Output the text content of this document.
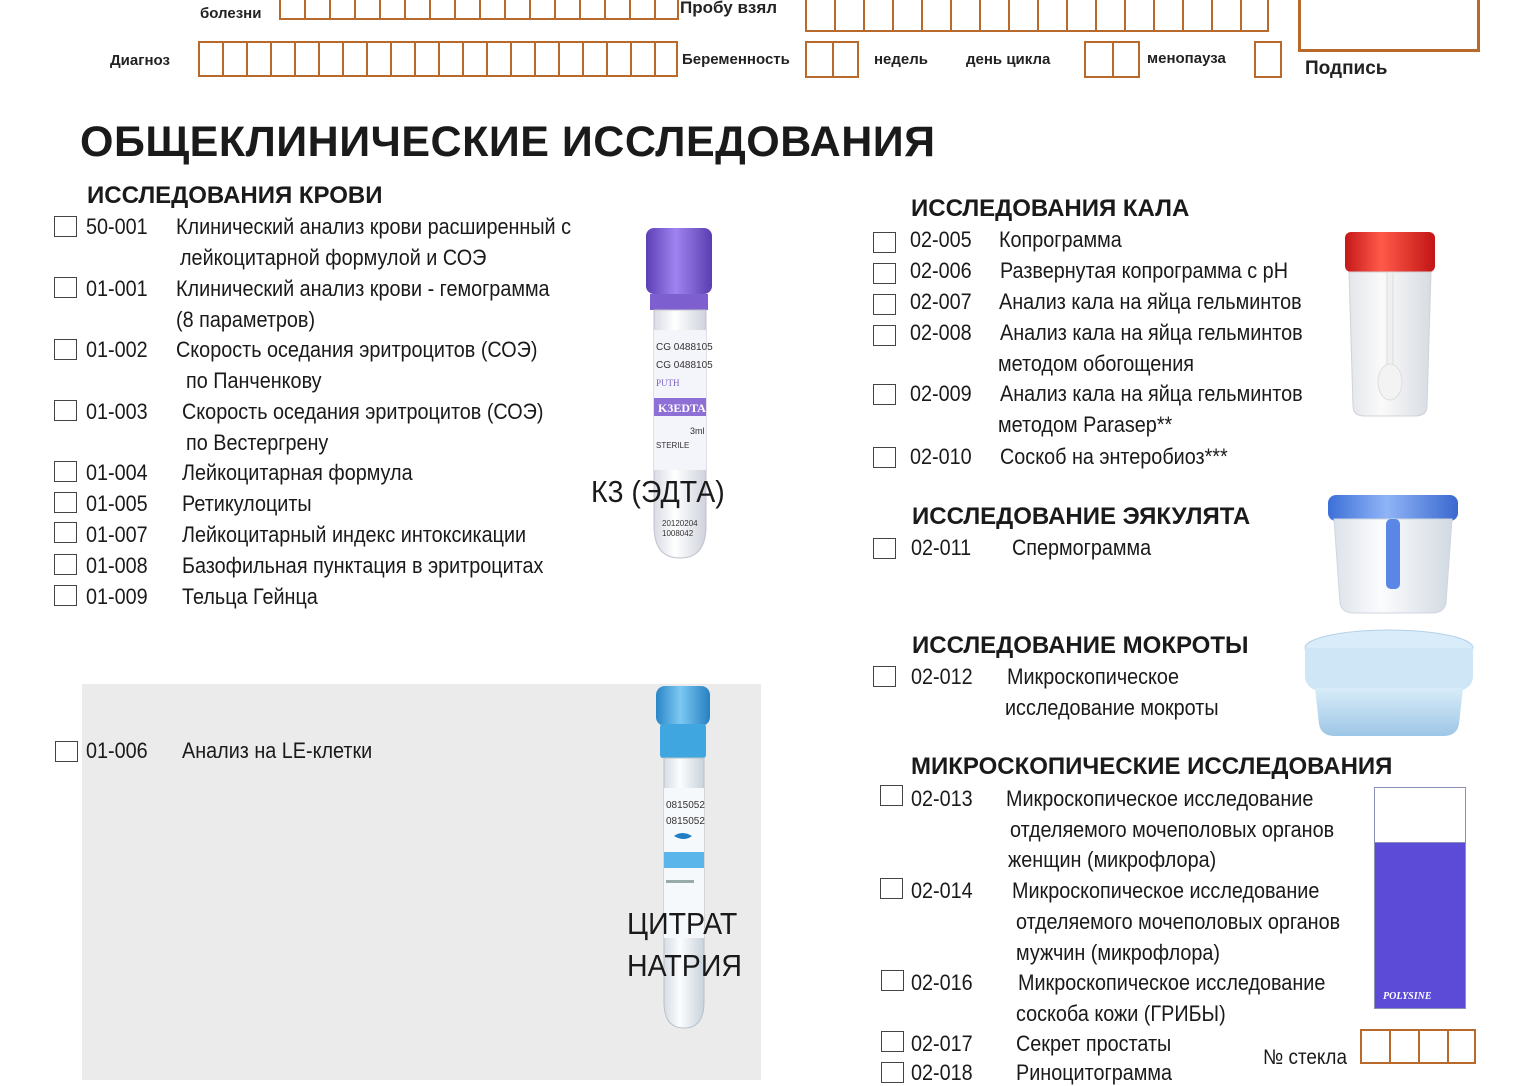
болезни
Диагноз
Пробу взял
Беременность	недель	день цикла	менопауза	Подпись
ОБЩЕКЛИНИЧЕСКИЕ ИССЛЕДОВАНИЯ
ИССЛЕДОВАНИЯ КРОВИ
50-001 Клинический анализ крови расширенный с
лейкоцитарной формулой и СОЭ
01-001 Клинический анализ крови - гемограмма
(8 параметров)
01-002 Скорость оседания эритроцитов (СОЭ)
по Панченкову
01-003 Скорость оседания эритроцитов (СОЭ)
по Вестергрену
01-004 Лейкоцитарная формула
01-005 Ретикулоциты
01-007 Лейкоцитарный индекс интоксикации
01-008 Базофильная пунктация в эритроцитах
01-009 Тельца Гейнца
CG 0488105
CG 0488105
PUTH
K3EDTA
3ml
STERILE
20120204
1008042
К3 (ЭДТА)
01-006 Анализ на LE-клетки
0815052
0815052
ЦИТРАТ
НАТРИЯ
ИССЛЕДОВАНИЯ КАЛА
02-005 Копрограмма
02-006 Развернутая копрограмма с pH
02-007 Анализ кала на яйца гельминтов
02-008 Анализ кала на яйца гельминтов
методом обогощения
02-009 Анализ кала на яйца гельминтов
методом Parasep**
02-010 Соскоб на энтеробиоз***
ИССЛЕДОВАНИЕ ЭЯКУЛЯТА
02-011 Спермограмма
ИССЛЕДОВАНИЕ МОКРОТЫ
02-012 Микроскопическое
исследование мокроты
МИКРОСКОПИЧЕСКИЕ ИССЛЕДОВАНИЯ
02-013 Микроскопическое исследование
отделяемого мочеполовых органов
женщин (микрофлора)
02-014 Микроскопическое исследование
отделяемого мочеполовых органов
мужчин (микрофлора)
02-016 Микроскопическое исследование
соскоба кожи (ГРИБЫ)
02-017 Секрет простаты
02-018 Риноцитограмма
POLYSINE
№ стекла
